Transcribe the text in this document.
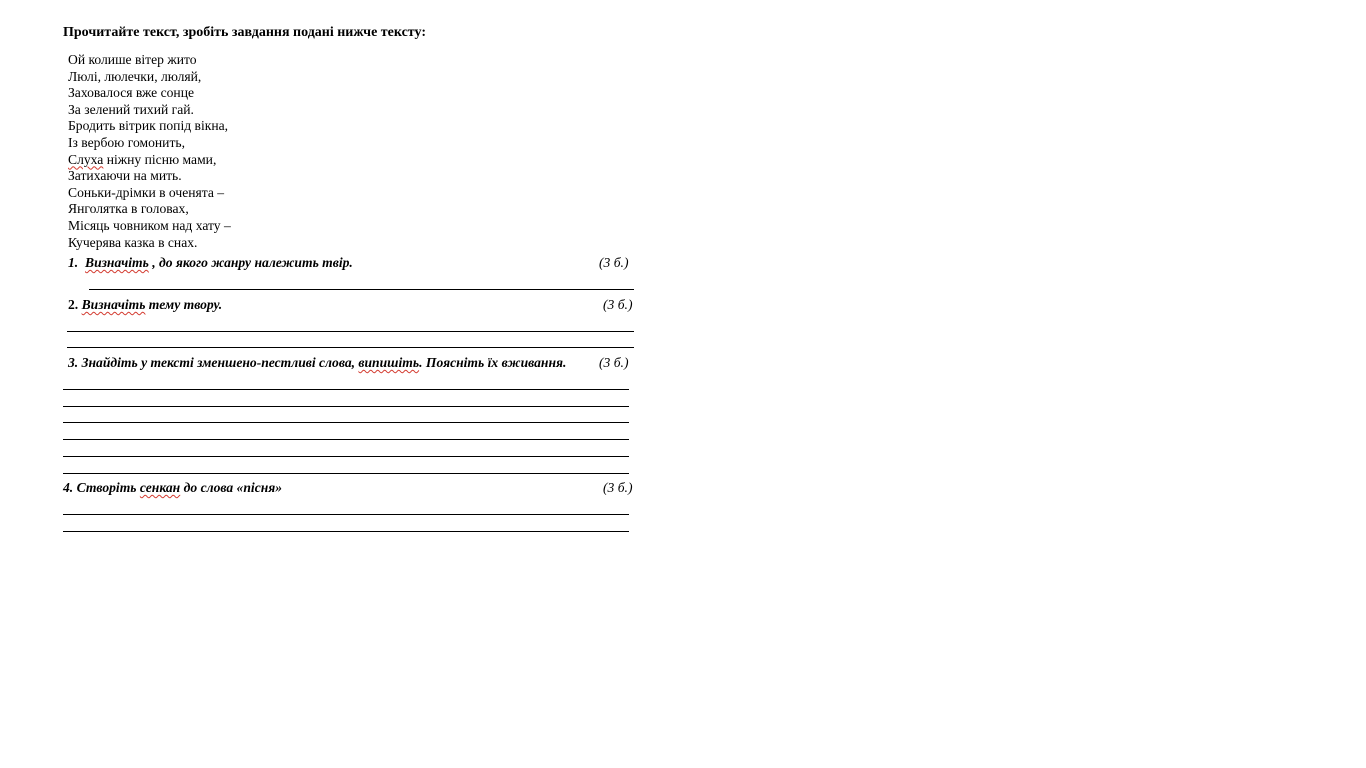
Прочитайте текст, зробіть завдання подані нижче тексту:
Ой колише вітер жито
Люлі, люлечки, люляй,
Заховалося вже сонце
За зелений тихий гай.
Бродить вітрик попід вікна,
Із вербою гомонить,
Слуха ніжну пісню мами,
Затихаючи на мить.
Соньки-дрімки в оченята –
Янголятка в головах,
Місяць човником над хату –
Кучерява казка в снах.
1. Визначіть , до якого жанру належить твір.	(3 б.)
2. Визначіть тему твору.	(3 б.)
3. Знайдіть у тексті зменшено-пестливі слова, випишіть. Поясніть їх вживання. (3 б.)
4. Створіть сенкан до слова «пісня»	(3 б.)
